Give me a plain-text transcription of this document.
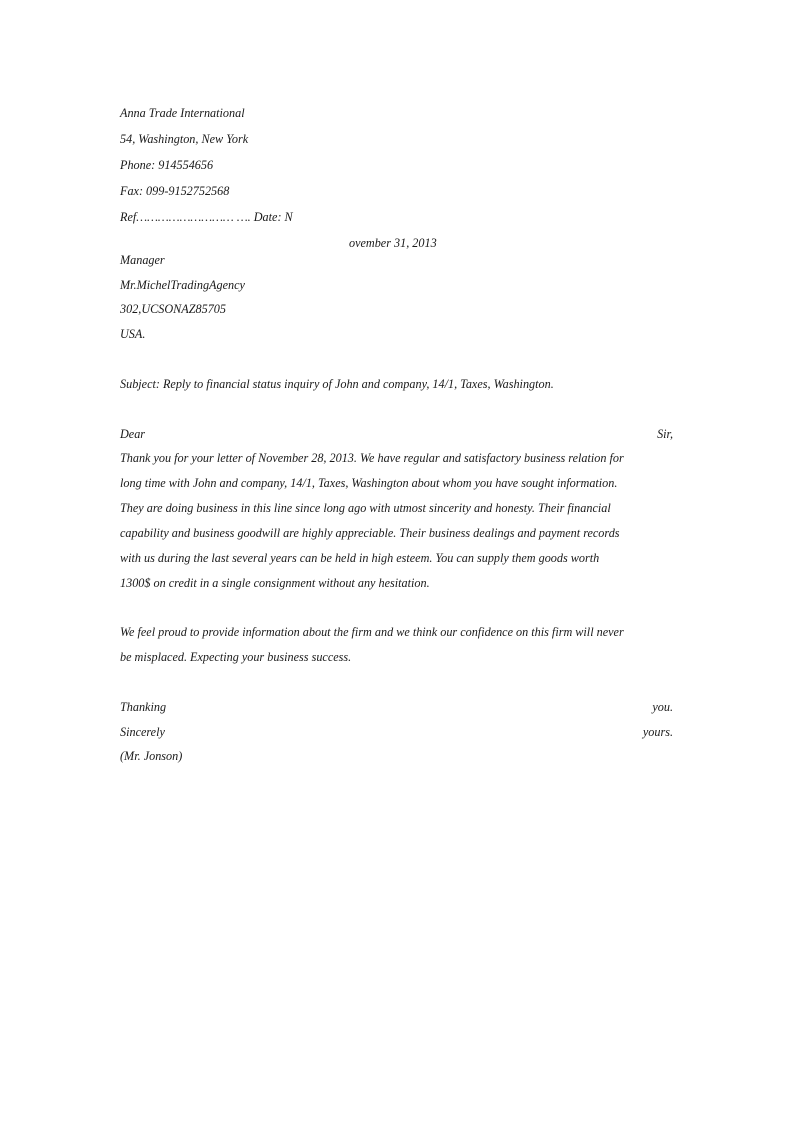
Anna Trade International
54, Washington, New York
Phone: 914554656
Fax: 099-9152752568
Ref……………………… …. Date: N
ovember 31, 2013
Manager
Mr.MichelTradingAgency
302,UCSONAZ85705
USA.
Subject: Reply to financial status inquiry of John and company, 14/1, Taxes, Washington.
Dear	Sir,
Thank you for your letter of November 28, 2013. We have regular and satisfactory business relation for
long time with John and company, 14/1, Taxes, Washington about whom you have sought information.
They are doing business in this line since long ago with utmost sincerity and honesty. Their financial
capability and business goodwill are highly appreciable. Their business dealings and payment records
with us during the last several years can be held in high esteem. You can supply them goods worth
1300$ on credit in a single consignment without any hesitation.
We feel proud to provide information about the firm and we think our confidence on this firm will never
be misplaced. Expecting your business success.
Thanking	you.
Sincerely	yours.
(Mr. Jonson)
